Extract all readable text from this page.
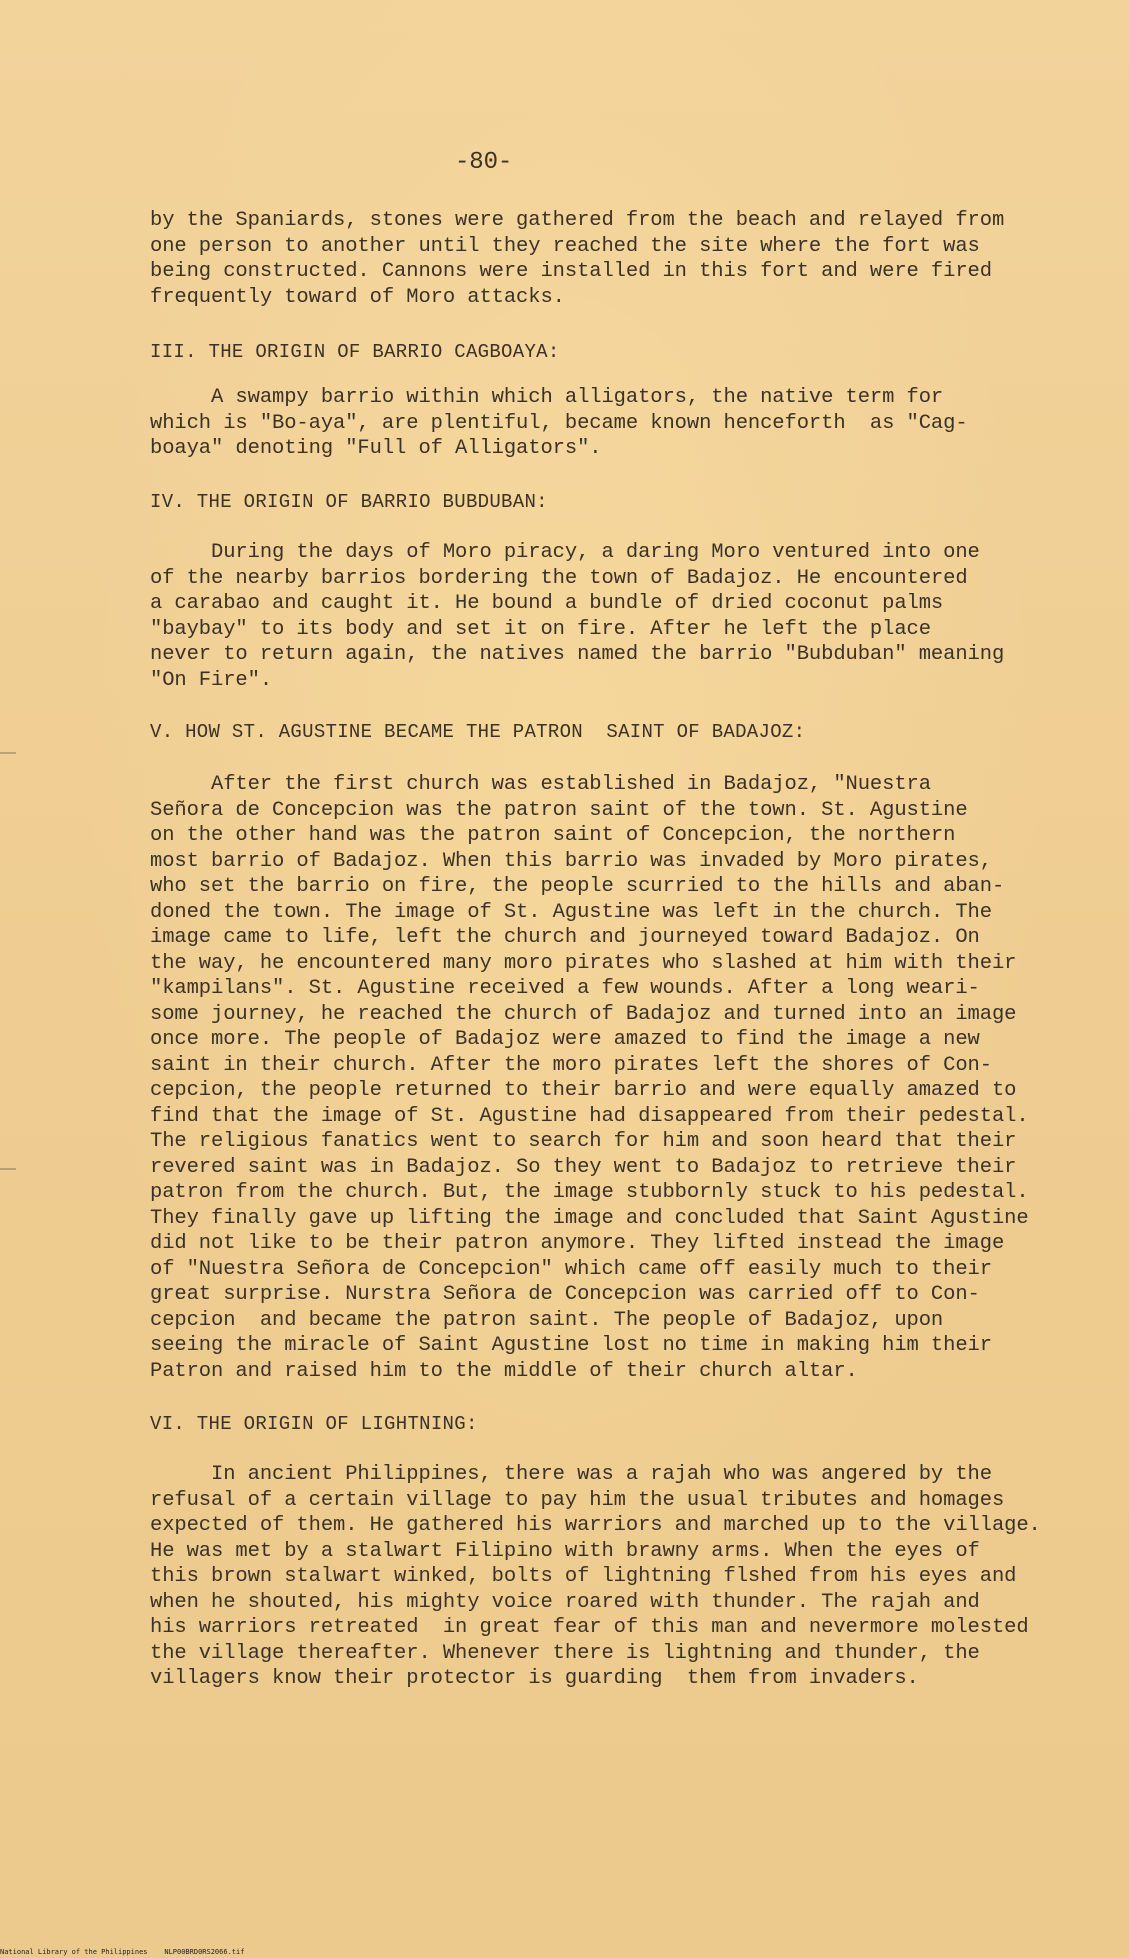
-80-
by the Spaniards, stones were gathered from the beach and relayed from
one person to another until they reached the site where the fort was
being constructed. Cannons were installed in this fort and were fired
frequently toward of Moro attacks.
III. THE ORIGIN OF BARRIO CAGBOAYA:
A swampy barrio within which alligators, the native term for
which is "Bo-aya", are plentiful, became known henceforth  as "Cag-
boaya" denoting "Full of Alligators".
IV. THE ORIGIN OF BARRIO BUBDUBAN:
During the days of Moro piracy, a daring Moro ventured into one
of the nearby barrios bordering the town of Badajoz. He encountered
a carabao and caught it. He bound a bundle of dried coconut palms
"baybay" to its body and set it on fire. After he left the place
never to return again, the natives named the barrio "Bubduban" meaning
"On Fire".
V. HOW ST. AGUSTINE BECAME THE PATRON  SAINT OF BADAJOZ:
After the first church was established in Badajoz, "Nuestra
Señora de Concepcion was the patron saint of the town. St. Agustine
on the other hand was the patron saint of Concepcion, the northern
most barrio of Badajoz. When this barrio was invaded by Moro pirates,
who set the barrio on fire, the people scurried to the hills and aban-
doned the town. The image of St. Agustine was left in the church. The
image came to life, left the church and journeyed toward Badajoz. On
the way, he encountered many moro pirates who slashed at him with their
"kampilans". St. Agustine received a few wounds. After a long weari-
some journey, he reached the church of Badajoz and turned into an image
once more. The people of Badajoz were amazed to find the image a new
saint in their church. After the moro pirates left the shores of Con-
cepcion, the people returned to their barrio and were equally amazed to
find that the image of St. Agustine had disappeared from their pedestal.
The religious fanatics went to search for him and soon heard that their
revered saint was in Badajoz. So they went to Badajoz to retrieve their
patron from the church. But, the image stubbornly stuck to his pedestal.
They finally gave up lifting the image and concluded that Saint Agustine
did not like to be their patron anymore. They lifted instead the image
of "Nuestra Señora de Concepcion" which came off easily much to their
great surprise. Nurstra Señora de Concepcion was carried off to Con-
cepcion  and became the patron saint. The people of Badajoz, upon
seeing the miracle of Saint Agustine lost no time in making him their
Patron and raised him to the middle of their church altar.
VI. THE ORIGIN OF LIGHTNING:
In ancient Philippines, there was a rajah who was angered by the
refusal of a certain village to pay him the usual tributes and homages
expected of them. He gathered his warriors and marched up to the village.
He was met by a stalwart Filipino with brawny arms. When the eyes of
this brown stalwart winked, bolts of lightning flshed from his eyes and
when he shouted, his mighty voice roared with thunder. The rajah and
his warriors retreated  in great fear of this man and nevermore molested
the village thereafter. Whenever there is lightning and thunder, the
villagers know their protector is guarding  them from invaders.
National Library of the Philippines    NLP00BRD0RS2066.tif
